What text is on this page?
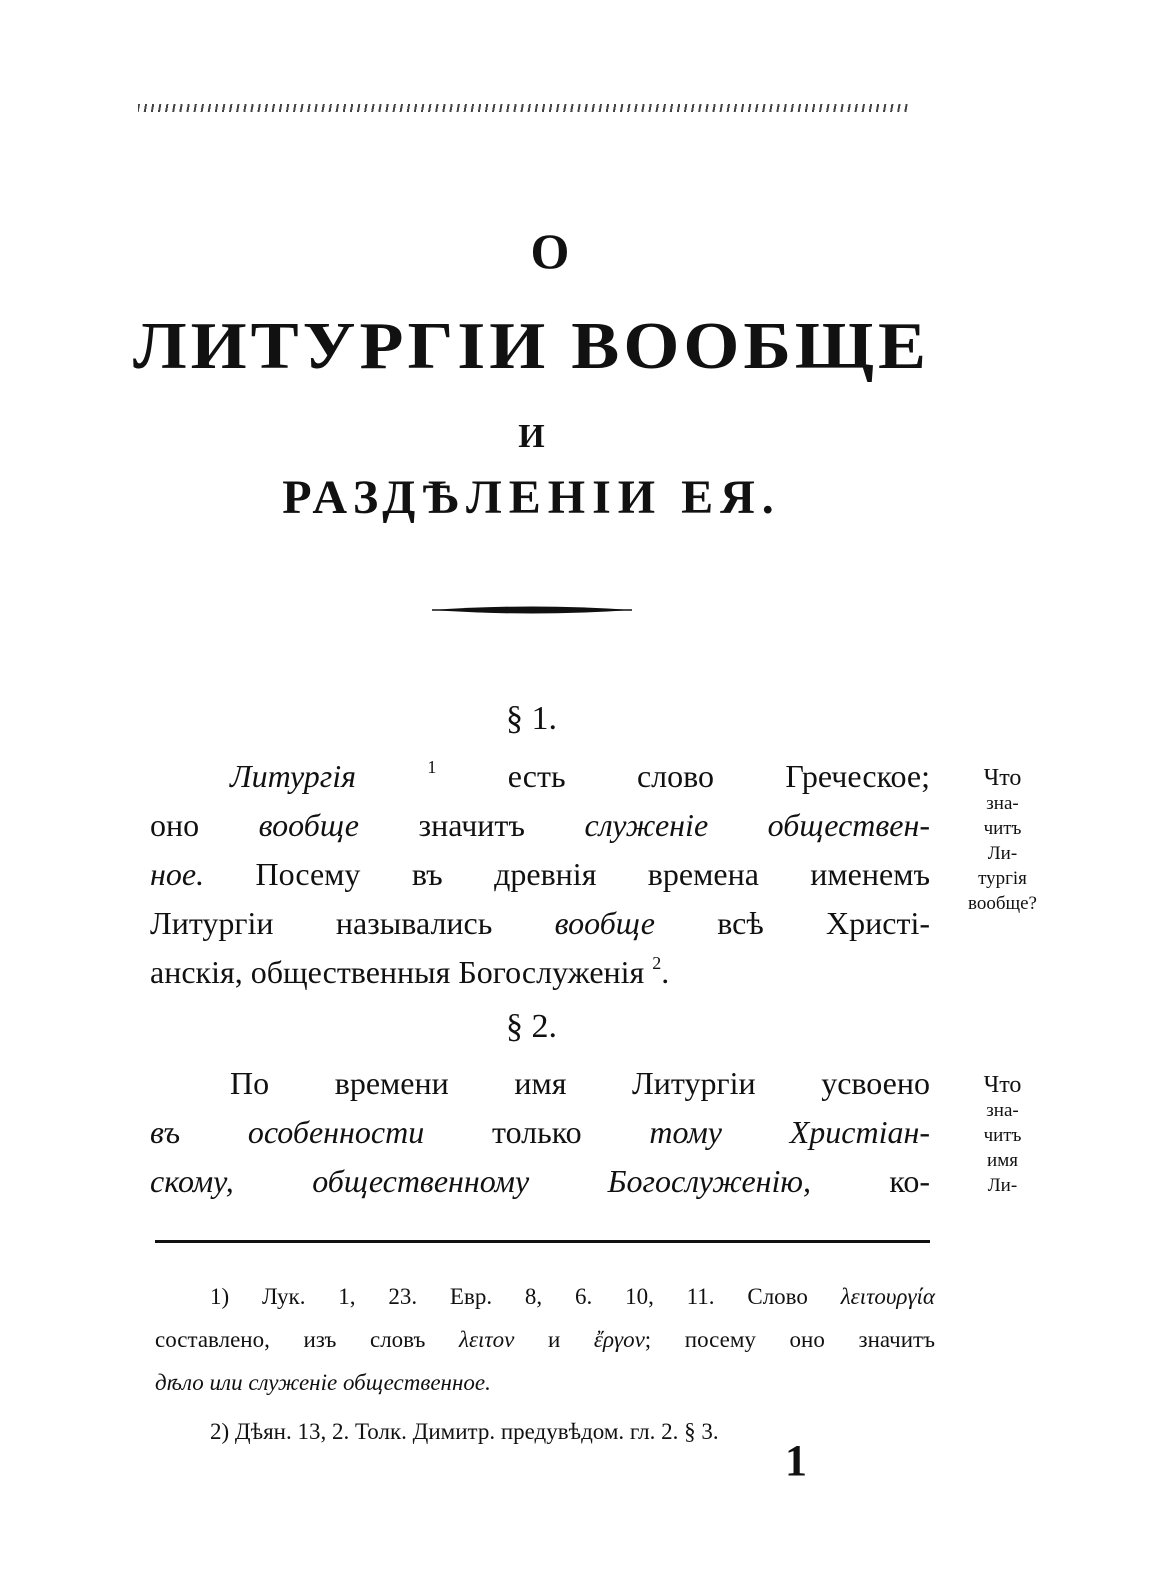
О
ЛИТУРГІИ ВООБЩЕ
И
РАЗДѢЛЕНІИ ЕЯ.
§ 1.
Литургія	$^1$ есть слово Греческое;
оно вообще значитъ служеніе обществен-
ное. Посему въ древнія времена именемъ
Литургіи назывались вообще всѣ Христі-
анскія, общественныя Богослуженія $^2$.
Что
зна-
читъ
Ли-
тургія
вообще?
§ 2.
По времени имя Литургіи усвоено
въ особенности только тому Христіан-
скому, общественному Богослуженію, ко-
Что
зна-
читъ
имя
Ли-
1) Лук. 1, 23. Евр. 8, 6. 10, 11. Слово λειτουργία
составлено, изъ словъ λειτον и ἔργον; посему оно значитъ
дѣло или служеніе общественное.
2) Дѣян. 13, 2. Толк. Димитр. предувѣдом. гл. 2. § 3.
1
